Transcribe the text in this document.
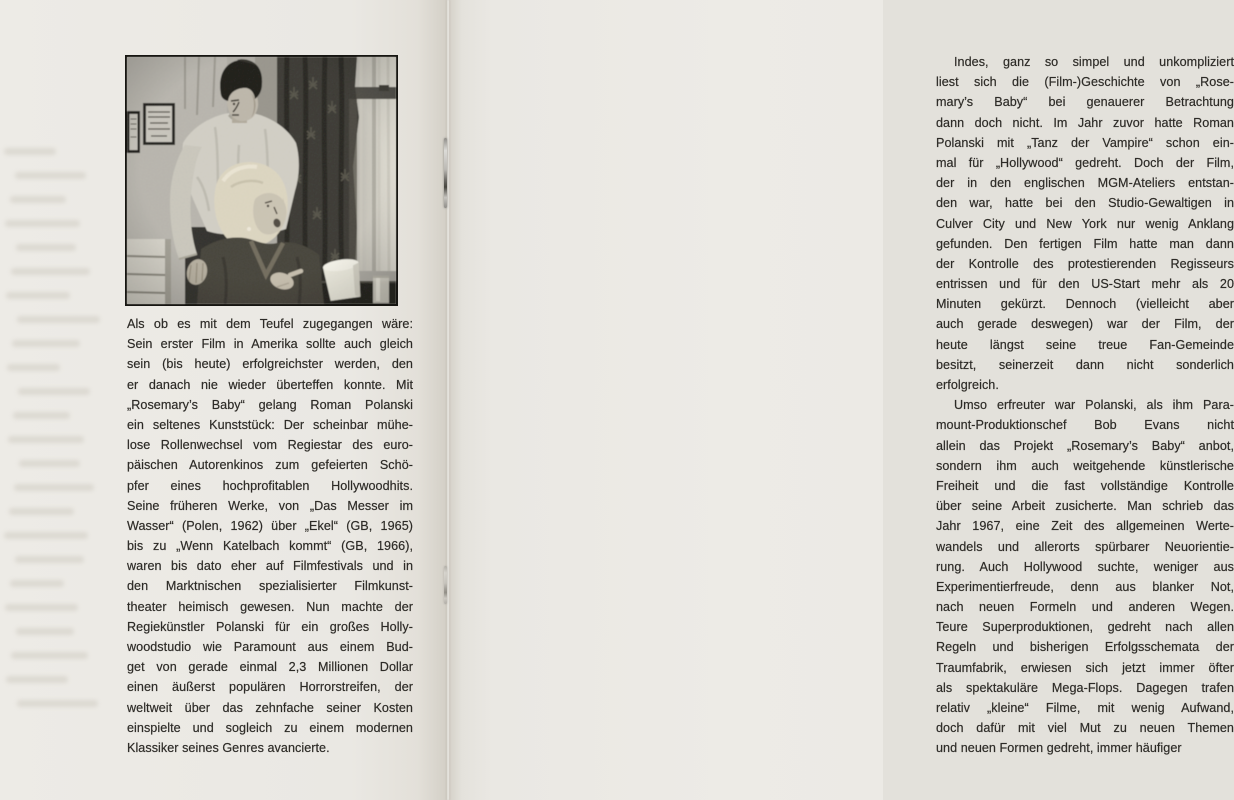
Als ob es mit dem Teufel zugegangen wäre:
Sein erster Film in Amerika sollte auch gleich
sein (bis heute) erfolgreichster werden, den
er danach nie wieder überteffen konnte. Mit
„Rosemary’s Baby“ gelang Roman Polanski
ein seltenes Kunststück: Der scheinbar mühe-
lose Rollenwechsel vom Regiestar des euro-
päischen Autorenkinos zum gefeierten Schö-
pfer eines hochprofitablen Hollywoodhits.
Seine früheren Werke, von „Das Messer im
Wasser“ (Polen, 1962) über „Ekel“ (GB, 1965)
bis zu „Wenn Katelbach kommt“ (GB, 1966),
waren bis dato eher auf Filmfestivals und in
den Marktnischen spezialisierter Filmkunst-
theater heimisch gewesen. Nun machte der
Regiekünstler Polanski für ein großes Holly-
woodstudio wie Paramount aus einem Bud-
get von gerade einmal 2,3 Millionen Dollar
einen äußerst populären Horrorstreifen, der
weltweit über das zehnfache seiner Kosten
einspielte und sogleich zu einem modernen
Klassiker seines Genres avancierte.
Indes, ganz so simpel und unkompliziert
liest sich die (Film-)Geschichte von „Rose-
mary’s Baby“ bei genauerer Betrachtung
dann doch nicht. Im Jahr zuvor hatte Roman
Polanski mit „Tanz der Vampire“ schon ein-
mal für „Hollywood“ gedreht. Doch der Film,
der in den englischen MGM-Ateliers entstan-
den war, hatte bei den Studio-Gewaltigen in
Culver City und New York nur wenig Anklang
gefunden. Den fertigen Film hatte man dann
der Kontrolle des protestierenden Regisseurs
entrissen und für den US-Start mehr als 20
Minuten gekürzt. Dennoch (vielleicht aber
auch gerade deswegen) war der Film, der
heute längst seine treue Fan-Gemeinde
besitzt, seinerzeit dann nicht sonderlich
erfolgreich.
Umso erfreuter war Polanski, als ihm Para-
mount-Produktionschef Bob Evans nicht
allein das Projekt „Rosemary’s Baby“ anbot,
sondern ihm auch weitgehende künstlerische
Freiheit und die fast vollständige Kontrolle
über seine Arbeit zusicherte. Man schrieb das
Jahr 1967, eine Zeit des allgemeinen Werte-
wandels und allerorts spürbarer Neuorientie-
rung. Auch Hollywood suchte, weniger aus
Experimentierfreude, denn aus blanker Not,
nach neuen Formeln und anderen Wegen.
Teure Superproduktionen, gedreht nach allen
Regeln und bisherigen Erfolgsschemata der
Traumfabrik, erwiesen sich jetzt immer öfter
als spektakuläre Mega-Flops. Dagegen trafen
relativ „kleine“ Filme, mit wenig Aufwand,
doch dafür mit viel Mut zu neuen Themen
und neuen Formen gedreht, immer häufiger
